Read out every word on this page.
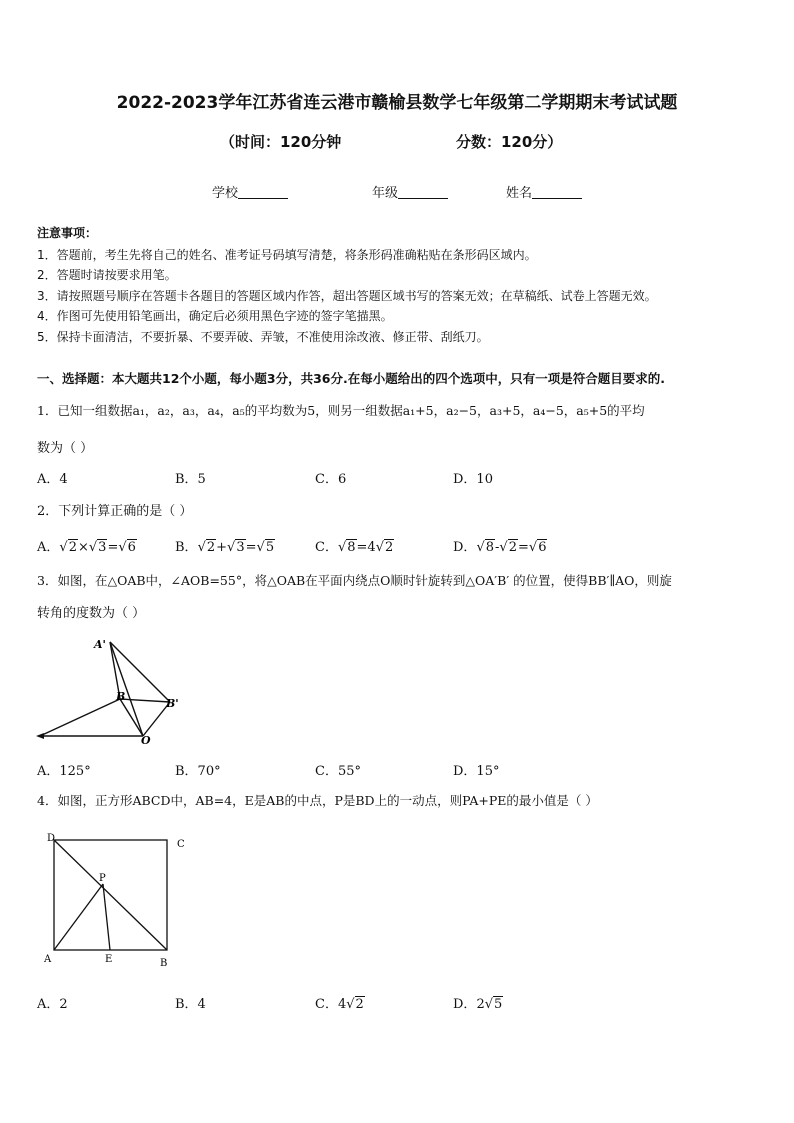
2022-2023学年江苏省连云港市赣榆县数学七年级第二学期期末考试试题
（时间：120分钟	分数：120分）
学校	年级	姓名
注意事项：
1．答题前，考生先将自己的姓名、准考证号码填写清楚，将条形码准确粘贴在条形码区域内。
2．答题时请按要求用笔。
3．请按照题号顺序在答题卡各题目的答题区域内作答，超出答题区域书写的答案无效；在草稿纸、试卷上答题无效。
4．作图可先使用铅笔画出，确定后必须用黑色字迹的签字笔描黑。
5．保持卡面清洁，不要折暴、不要弄破、弄皱，不准使用涂改液、修正带、刮纸刀。
一、选择题：本大题共12个小题，每小题3分，共36分.在每小题给出的四个选项中，只有一项是符合题目要求的.
1．已知一组数据a₁，a₂，a₃，a₄，a₅的平均数为5，则另一组数据a₁+5，a₂−5，a₃+5，a₄−5，a₅+5的平均
数为（ ）
A．4	B．5	C．6	D．10
2．下列计算正确的是（ ）
A．√2×√3=√6	B．√2+√3=√5	C．√8=4√2	D．√8-√2=√6
3．如图，在△OAB中，∠AOB=55°，将△OAB在平面内绕点O顺时针旋转到△OA′B′ 的位置，使得BB′∥AO，则旋
转角的度数为（ ）
A'
B
B'
O
A．125°	B．70°	C．55°	D．15°
4．如图，正方形ABCD中，AB=4，E是AB的中点，P是BD上的一动点，则PA+PE的最小值是（ ）
D
C
P
A	E	B
A．2	B．4	C．4√2	D．2√5
